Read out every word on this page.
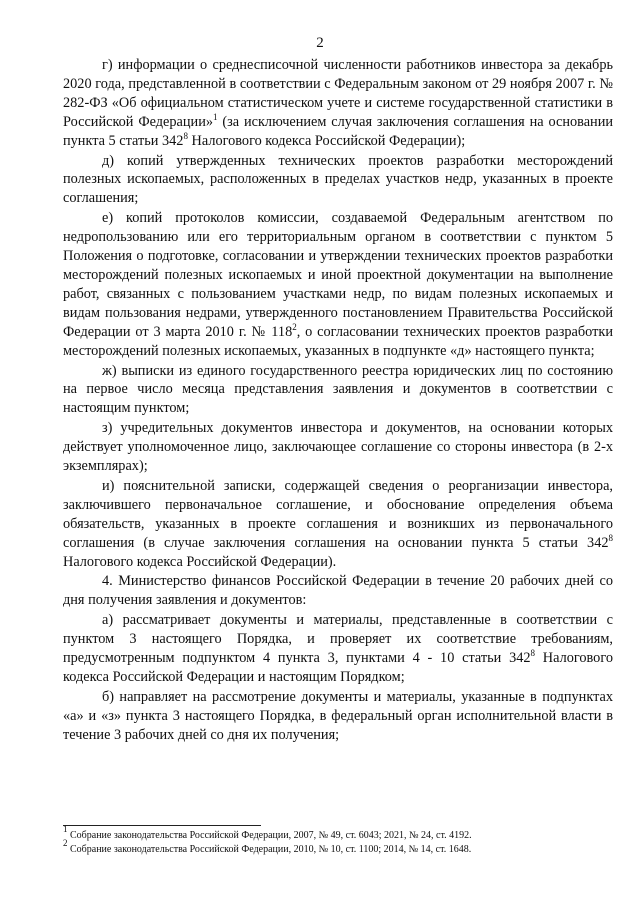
2

г) информации о среднесписочной численности работников инвестора за декабрь 2020 года, представленной в соответствии с Федеральным законом от 29 ноября 2007 г. № 282-ФЗ «Об официальном статистическом учете и системе государственной статистики в Российской Федерации»$^1$ (за исключением случая заключения соглашения на основании пункта 5 статьи $342^8$ Налогового кодекса Российской Федерации);

д) копий утвержденных технических проектов разработки месторождений полезных ископаемых, расположенных в пределах участков недр, указанных в проекте соглашения;

е) копий протоколов комиссии, создаваемой Федеральным агентством по недропользованию или его территориальным органом в соответствии с пунктом 5 Положения о подготовке, согласовании и утверждении технических проектов разработки месторождений полезных ископаемых и иной проектной документации на выполнение работ, связанных с пользованием участками недр, по видам полезных ископаемых и видам пользования недрами, утвержденного постановлением Правительства Российской Федерации от 3 марта 2010 г. № $118^2$, о согласовании технических проектов разработки месторождений полезных ископаемых, указанных в подпункте «д» настоящего пункта;

ж) выписки из единого государственного реестра юридических лиц по состоянию на первое число месяца представления заявления и документов в соответствии с настоящим пунктом;

з) учредительных документов инвестора и документов, на основании которых действует уполномоченное лицо, заключающее соглашение со стороны инвестора (в 2-х экземплярах);

и) пояснительной записки, содержащей сведения о реорганизации инвестора, заключившего первоначальное соглашение, и обоснование определения объема обязательств, указанных в проекте соглашения и возникших из первоначального соглашения (в случае заключения соглашения на основании пункта 5 статьи $342^8$ Налогового кодекса Российской Федерации).

4. Министерство финансов Российской Федерации в течение 20 рабочих дней со дня получения заявления и документов:

а) рассматривает документы и материалы, представленные в соответствии с пунктом 3 настоящего Порядка, и проверяет их соответствие требованиям, предусмотренным подпунктом 4 пункта 3, пунктами 4 - 10 статьи $342^8$ Налогового кодекса Российской Федерации и настоящим Порядком;

б) направляет на рассмотрение документы и материалы, указанные в подпунктах «а» и «з» пункта 3 настоящего Порядка, в федеральный орган исполнительной власти в течение 3 рабочих дней со дня их получения;

$^1$ Собрание законодательства Российской Федерации, 2007, № 49, ст. 6043; 2021, № 24, ст. 4192.
$^2$ Собрание законодательства Российской Федерации, 2010, № 10, ст. 1100; 2014, № 14, ст. 1648.
